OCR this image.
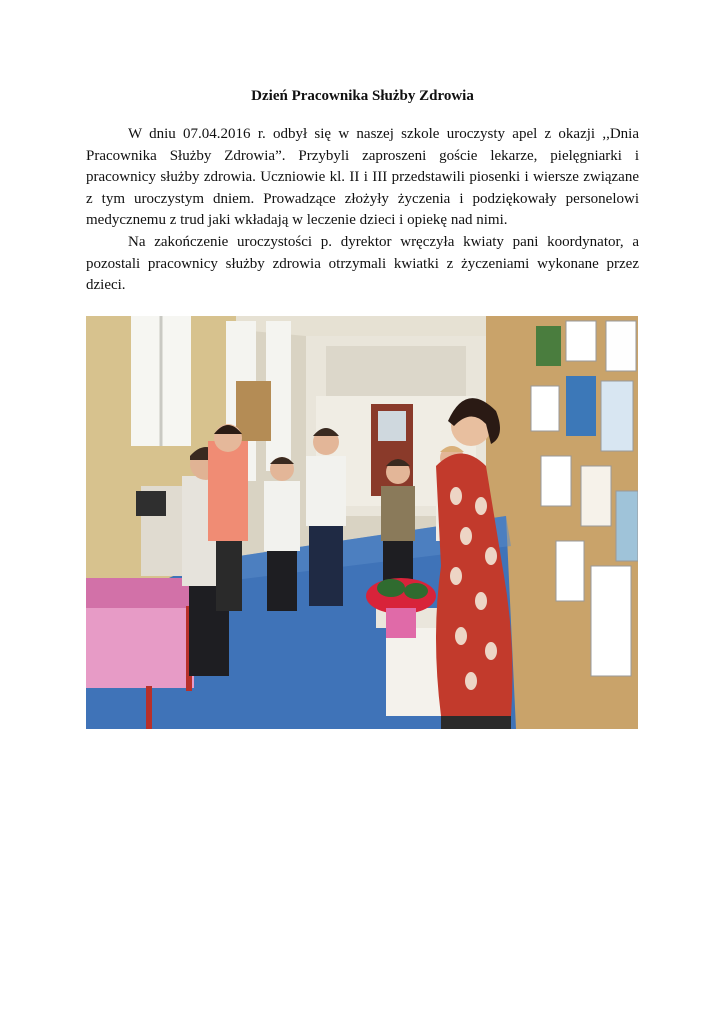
Dzień Pracownika Służby Zdrowia

W dniu 07.04.2016 r. odbył się w naszej szkole uroczysty apel z okazji ,,Dnia Pracownika Służby Zdrowia”. Przybyli zaproszeni goście lekarze, pielęgniarki i pracownicy służby zdrowia. Uczniowie kl. II i III przedstawili piosenki i wiersze związane z tym uroczystym dniem. Prowadzące złożyły życzenia i podziękowały personelowi medycznemu z trud jaki wkładają w leczenie dzieci i opiekę nad nimi.

Na zakończenie uroczystości p. dyrektor wręczyła kwiaty pani koordynator, a pozostali pracownicy służby zdrowia otrzymali kwiatki z życzeniami wykonane przez dzieci.
